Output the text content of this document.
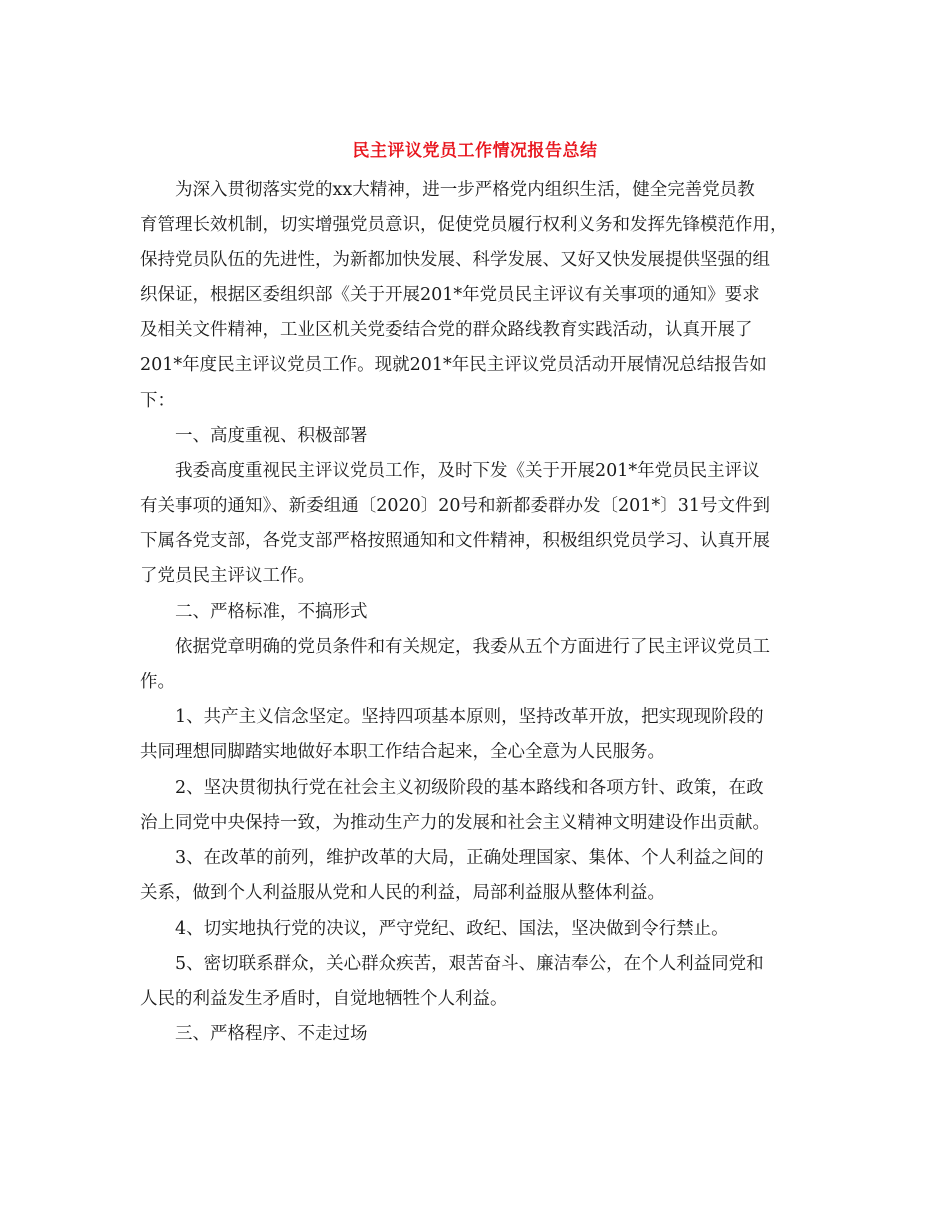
民主评议党员工作情况报告总结

为深入贯彻落实党的xx大精神，进一步严格党内组织生活，健全完善党员教

育管理长效机制，切实增强党员意识，促使党员履行权利义务和发挥先锋模范作用，

保持党员队伍的先进性，为新都加快发展、科学发展、又好又快发展提供坚强的组

织保证，根据区委组织部《关于开展201*年党员民主评议有关事项的通知》要求

及相关文件精神，工业区机关党委结合党的群众路线教育实践活动，认真开展了

201*年度民主评议党员工作。现就201*年民主评议党员活动开展情况总结报告如

下：

一、高度重视、积极部署

我委高度重视民主评议党员工作，及时下发《关于开展201*年党员民主评议

有关事项的通知》、新委组通〔2020〕20号和新都委群办发〔201*〕31号文件到

下属各党支部，各党支部严格按照通知和文件精神，积极组织党员学习、认真开展

了党员民主评议工作。

二、严格标准，不搞形式

依据党章明确的党员条件和有关规定，我委从五个方面进行了民主评议党员工

作。

1、共产主义信念坚定。坚持四项基本原则，坚持改革开放，把实现现阶段的

共同理想同脚踏实地做好本职工作结合起来，全心全意为人民服务。

2、坚决贯彻执行党在社会主义初级阶段的基本路线和各项方针、政策，在政

治上同党中央保持一致，为推动生产力的发展和社会主义精神文明建设作出贡献。

3、在改革的前列，维护改革的大局，正确处理国家、集体、个人利益之间的

关系，做到个人利益服从党和人民的利益，局部利益服从整体利益。

4、切实地执行党的决议，严守党纪、政纪、国法，坚决做到令行禁止。

5、密切联系群众，关心群众疾苦，艰苦奋斗、廉洁奉公，在个人利益同党和

人民的利益发生矛盾时，自觉地牺牲个人利益。

三、严格程序、不走过场
